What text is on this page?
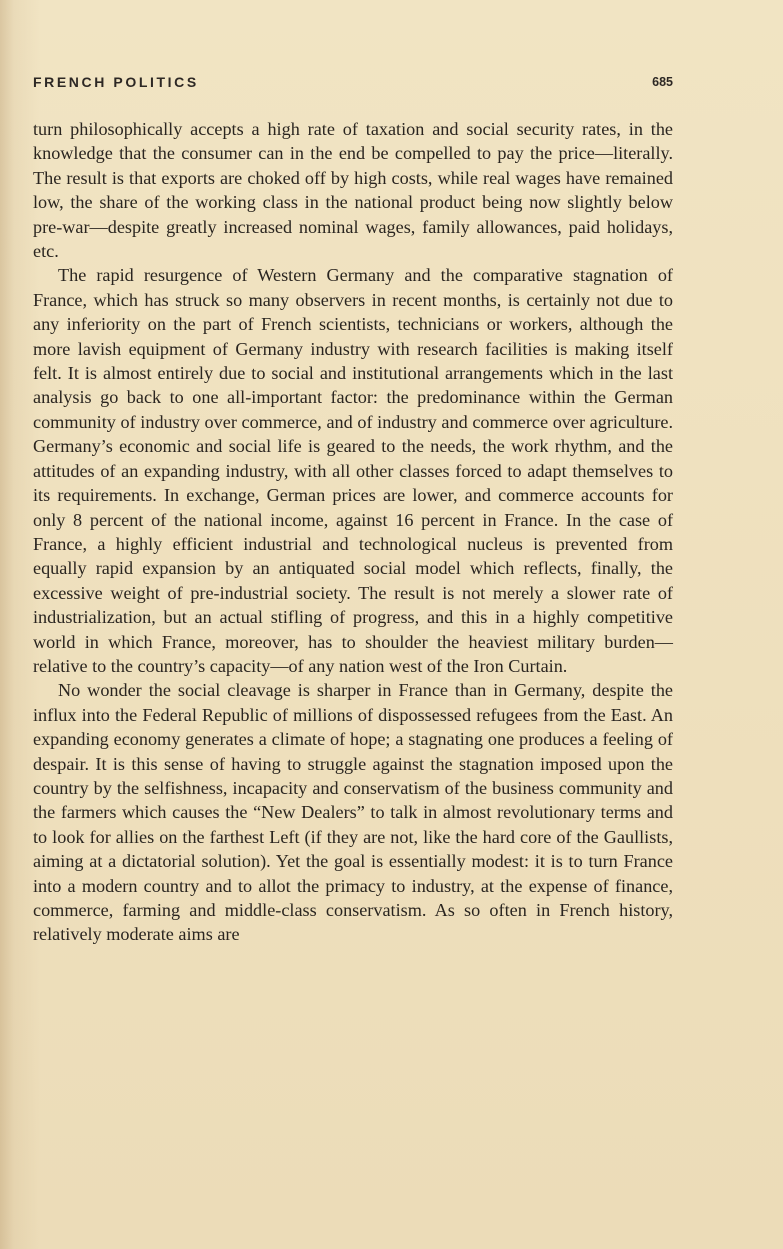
FRENCH POLITICS	685

turn philosophically accepts a high rate of taxation and social security rates, in the knowledge that the consumer can in the end be compelled to pay the price—literally. The result is that exports are choked off by high costs, while real wages have remained low, the share of the working class in the national product being now slightly below pre-war—despite greatly increased nominal wages, family allowances, paid holidays, etc.

The rapid resurgence of Western Germany and the comparative stagnation of France, which has struck so many observers in recent months, is certainly not due to any inferiority on the part of French scientists, technicians or workers, although the more lavish equipment of Germany industry with research facilities is making itself felt. It is almost entirely due to social and institutional arrangements which in the last analysis go back to one all-important factor: the predominance within the German community of industry over commerce, and of industry and commerce over agriculture. Germany’s economic and social life is geared to the needs, the work rhythm, and the attitudes of an expanding industry, with all other classes forced to adapt themselves to its requirements. In exchange, German prices are lower, and commerce accounts for only 8 percent of the national income, against 16 percent in France. In the case of France, a highly efficient industrial and technological nucleus is prevented from equally rapid expansion by an antiquated social model which reflects, finally, the excessive weight of pre-industrial society. The result is not merely a slower rate of industrialization, but an actual stifling of progress, and this in a highly competitive world in which France, moreover, has to shoulder the heaviest military burden—relative to the country’s capacity—of any nation west of the Iron Curtain.

No wonder the social cleavage is sharper in France than in Germany, despite the influx into the Federal Republic of millions of dispossessed refugees from the East. An expanding economy generates a climate of hope; a stagnating one produces a feeling of despair. It is this sense of having to struggle against the stagnation imposed upon the country by the selfishness, incapacity and conservatism of the business community and the farmers which causes the “New Dealers” to talk in almost revolutionary terms and to look for allies on the farthest Left (if they are not, like the hard core of the Gaullists, aiming at a dictatorial solution). Yet the goal is essentially modest: it is to turn France into a modern country and to allot the primacy to industry, at the expense of finance, commerce, farming and middle-class conservatism. As so often in French history, relatively moderate aims are
